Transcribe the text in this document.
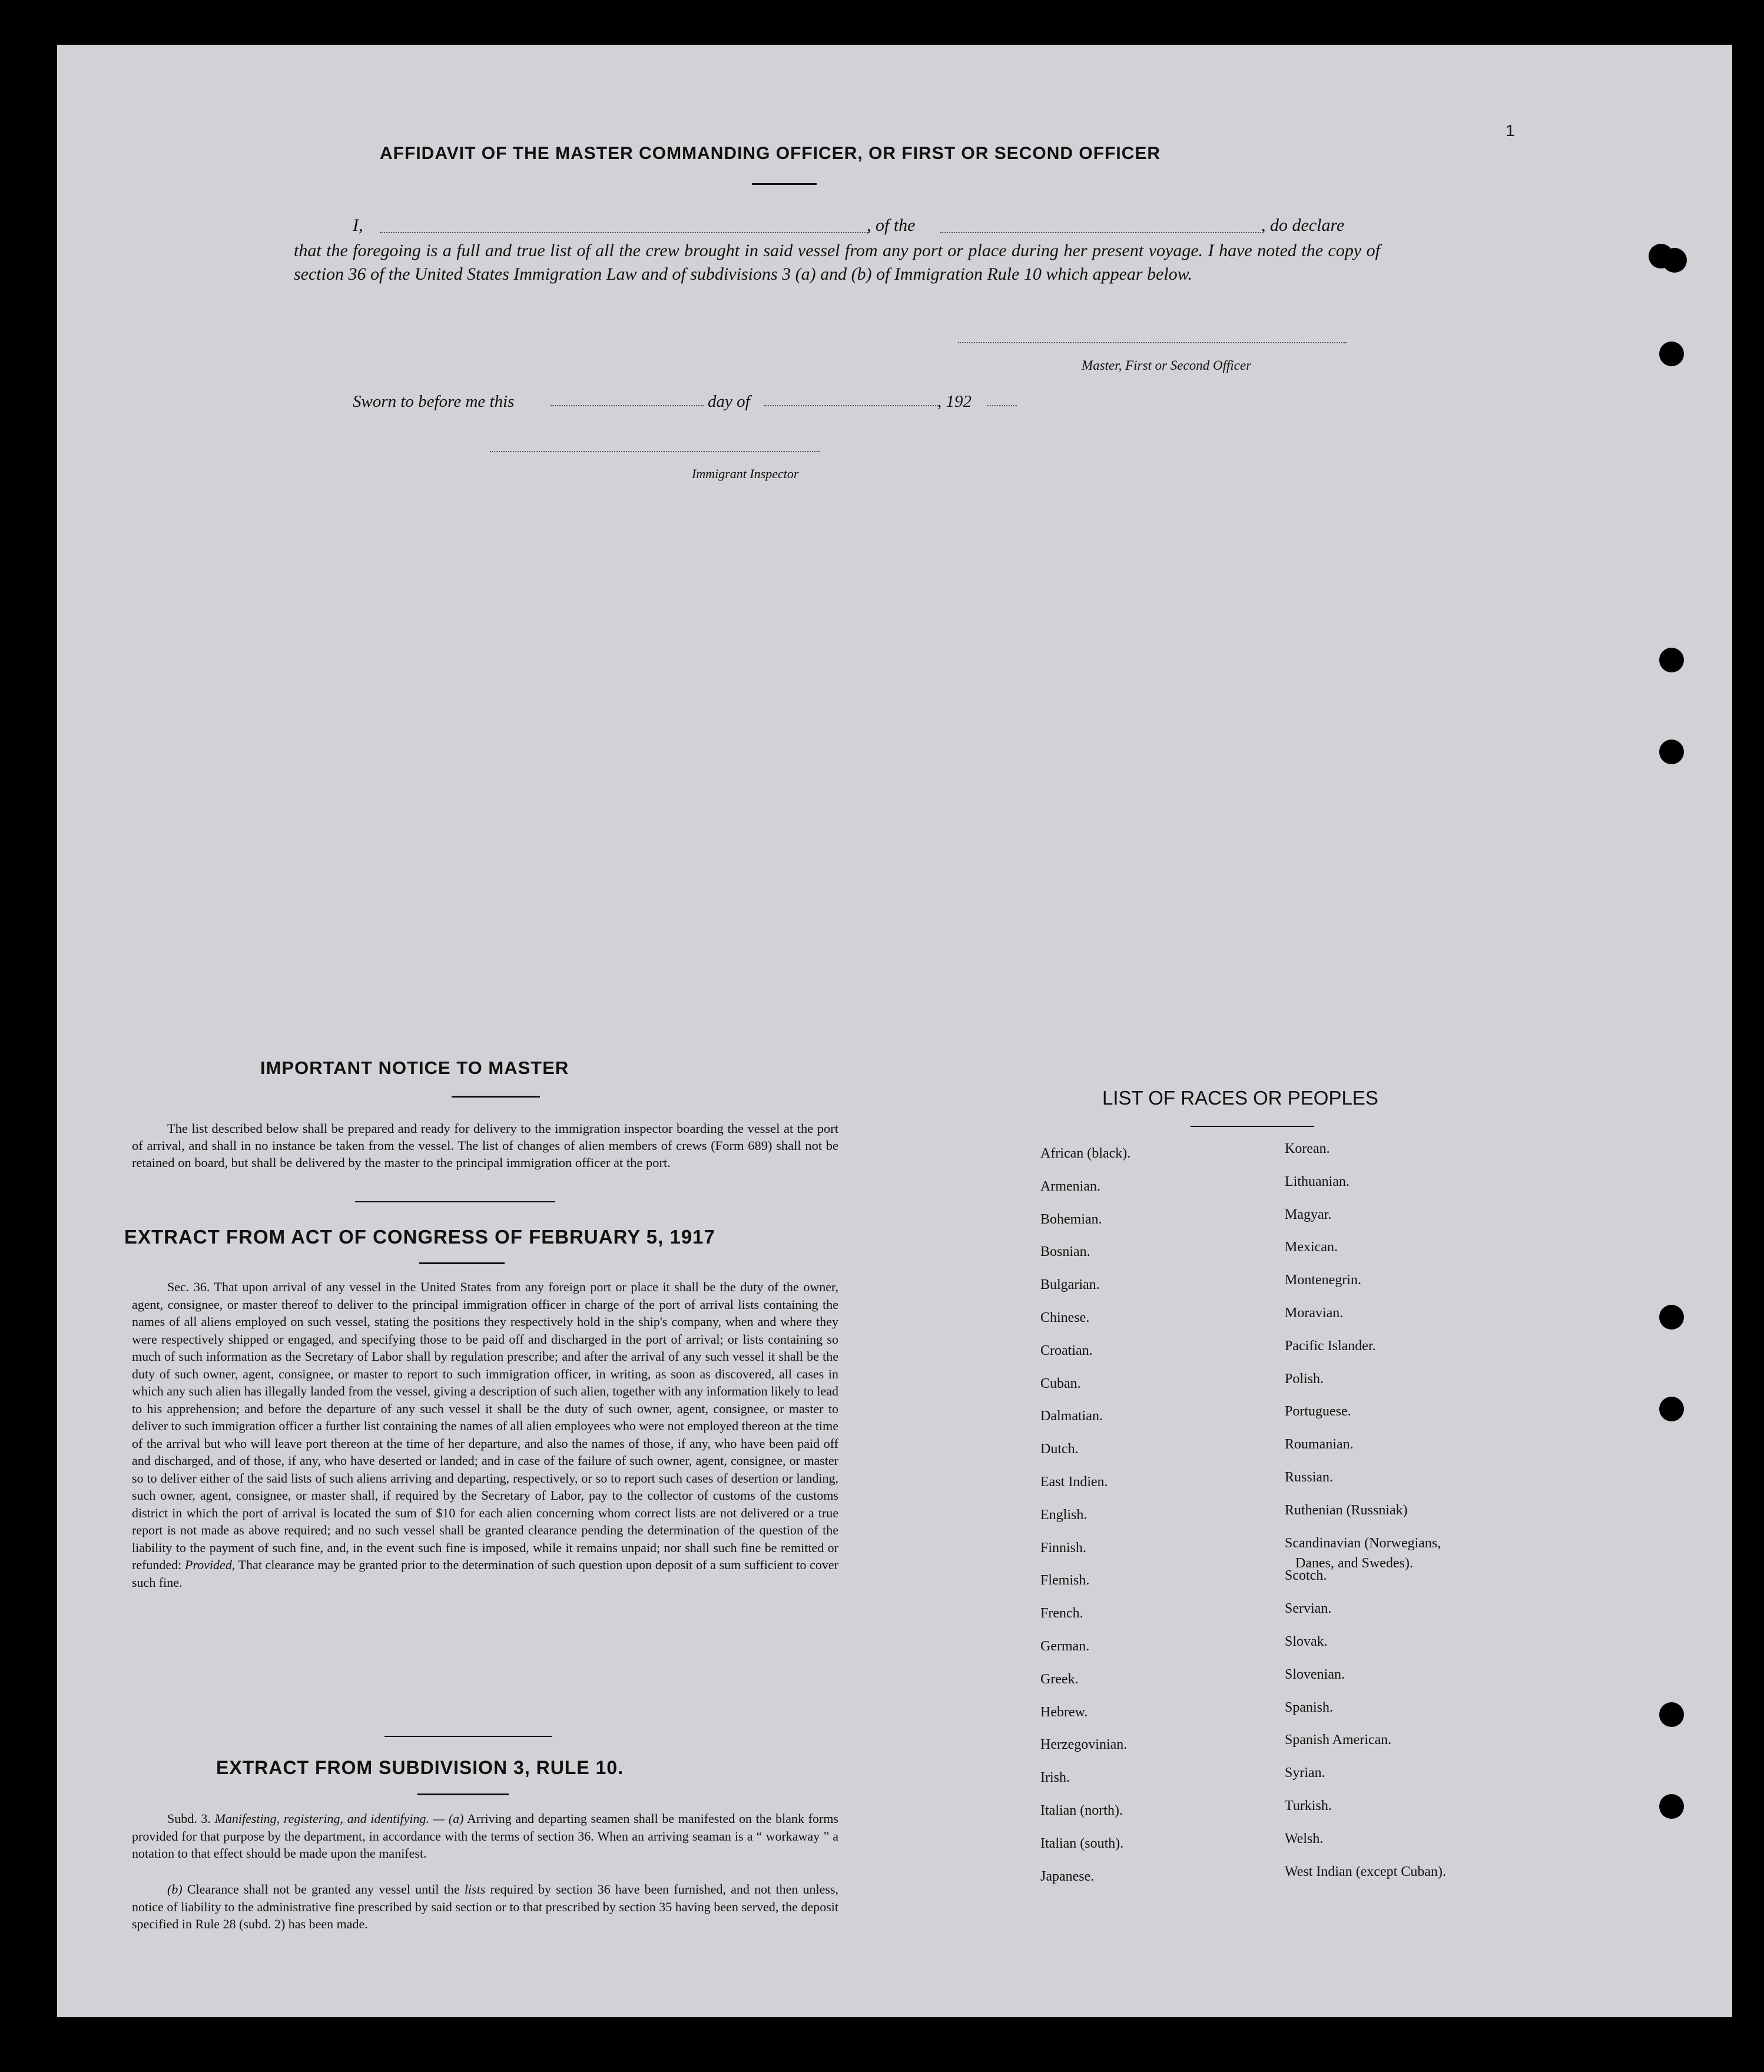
1
AFFIDAVIT OF THE MASTER COMMANDING OFFICER, OR FIRST OR SECOND OFFICER
I,	, of the	, do declare
that the foregoing is a full and true list of all the crew brought in said vessel from any port or place during her present voyage. I have noted the copy of section 36 of the United States Immigration Law and of subdivisions 3 (a) and (b) of Immigration Rule 10 which appear below.
Master, First or Second Officer
Sworn to before me this	day of	, 192
Immigrant Inspector
IMPORTANT NOTICE TO MASTER
The list described below shall be prepared and ready for delivery to the immigration inspector boarding the vessel at the port of arrival, and shall in no instance be taken from the vessel. The list of changes of alien members of crews (Form 689) shall not be retained on board, but shall be delivered by the master to the principal immigration officer at the port.
EXTRACT FROM ACT OF CONGRESS OF FEBRUARY 5, 1917
Sec. 36. That upon arrival of any vessel in the United States from any foreign port or place it shall be the duty of the owner, agent, consignee, or master thereof to deliver to the principal immigration officer in charge of the port of arrival lists containing the names of all aliens employed on such vessel, stating the positions they respectively hold in the ship's company, when and where they were respectively shipped or engaged, and specifying those to be paid off and discharged in the port of arrival; or lists containing so much of such information as the Secretary of Labor shall by regulation prescribe; and after the arrival of any such vessel it shall be the duty of such owner, agent, consignee, or master to report to such immigration officer, in writing, as soon as discovered, all cases in which any such alien has illegally landed from the vessel, giving a description of such alien, together with any information likely to lead to his apprehension; and before the departure of any such vessel it shall be the duty of such owner, agent, consignee, or master to deliver to such immigration officer a further list containing the names of all alien employees who were not employed thereon at the time of the arrival but who will leave port thereon at the time of her departure, and also the names of those, if any, who have been paid off and discharged, and of those, if any, who have deserted or landed; and in case of the failure of such owner, agent, consignee, or master so to deliver either of the said lists of such aliens arriving and departing, respectively, or so to report such cases of desertion or landing, such owner, agent, consignee, or master shall, if required by the Secretary of Labor, pay to the collector of customs of the customs district in which the port of arrival is located the sum of $10 for each alien concerning whom correct lists are not delivered or a true report is not made as above required; and no such vessel shall be granted clearance pending the determination of the question of the liability to the payment of such fine, and, in the event such fine is imposed, while it remains unpaid; nor shall such fine be remitted or refunded: Provided, That clearance may be granted prior to the determination of such question upon deposit of a sum sufficient to cover such fine.
EXTRACT FROM SUBDIVISION 3, RULE 10.
Subd. 3. Manifesting, registering, and identifying. — (a) Arriving and departing seamen shall be manifested on the blank forms provided for that purpose by the department, in accordance with the terms of section 36. When an arriving seaman is a “ workaway ” a notation to that effect should be made upon the manifest.
(b) Clearance shall not be granted any vessel until the lists required by section 36 have been furnished, and not then unless, notice of liability to the administrative fine prescribed by said section or to that prescribed by section 35 having been served, the deposit specified in Rule 28 (subd. 2) has been made.
LIST OF RACES OR PEOPLES
African (black).
Armenian.
Bohemian.
Bosnian.
Bulgarian.
Chinese.
Croatian.
Cuban.
Dalmatian.
Dutch.
East Indien.
English.
Finnish.
Flemish.
French.
German.
Greek.
Hebrew.
Herzegovinian.
Irish.
Italian (north).
Italian (south).
Japanese.
Korean.
Lithuanian.
Magyar.
Mexican.
Montenegrin.
Moravian.
Pacific Islander.
Polish.
Portuguese.
Roumanian.
Russian.
Ruthenian (Russniak)
Scandinavian (Norwegians,
Danes, and Swedes).
Scotch.
Servian.
Slovak.
Slovenian.
Spanish.
Spanish American.
Syrian.
Turkish.
Welsh.
West Indian (except Cuban).
